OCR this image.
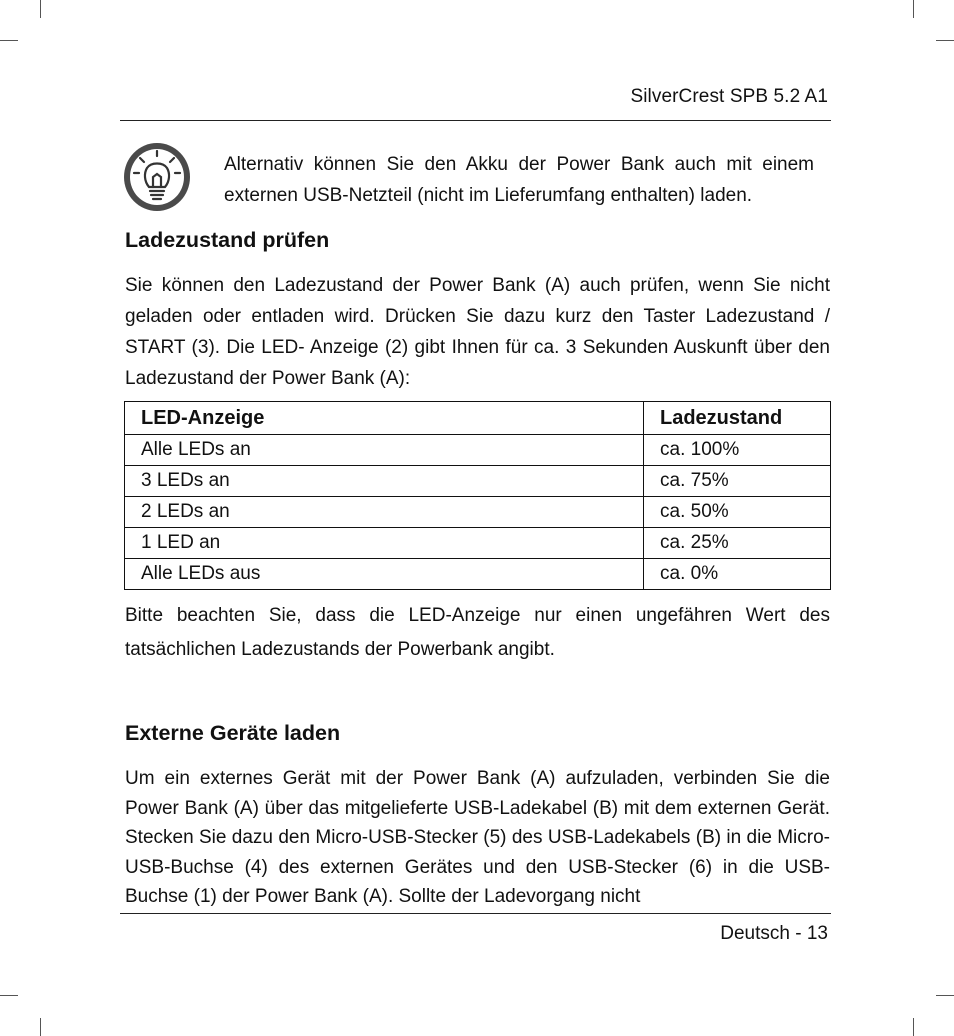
SilverCrest SPB 5.2 A1
Alternativ können Sie den Akku der Power Bank auch mit einem externen USB-Netzteil (nicht im Lieferumfang enthalten) laden.
Ladezustand prüfen
Sie können den Ladezustand der Power Bank (A) auch prüfen, wenn Sie nicht geladen oder entladen wird. Drücken Sie dazu kurz den Taster Ladezustand / START (3). Die LED- Anzeige (2) gibt Ihnen für ca. 3 Sekunden Auskunft über den Ladezustand der Power Bank (A):
LED-Anzeige	Ladezustand
Alle LEDs an	ca. 100%
3 LEDs an	ca. 75%
2 LEDs an	ca. 50%
1 LED an	ca. 25%
Alle LEDs aus	ca. 0%
Bitte beachten Sie, dass die LED-Anzeige nur einen ungefähren Wert des tatsächlichen Ladezustands der Powerbank angibt.
Externe Geräte laden
Um ein externes Gerät mit der Power Bank (A) aufzuladen, verbinden Sie die Power Bank (A) über das mitgelieferte USB-Ladekabel (B) mit dem externen Gerät. Stecken Sie dazu den Micro-USB-Stecker (5) des USB-Ladekabels (B) in die Micro-USB-Buchse (4) des externen Gerätes und den USB-Stecker (6) in die USB-Buchse (1) der Power Bank (A). Sollte der Ladevorgang nicht
Deutsch - 13
